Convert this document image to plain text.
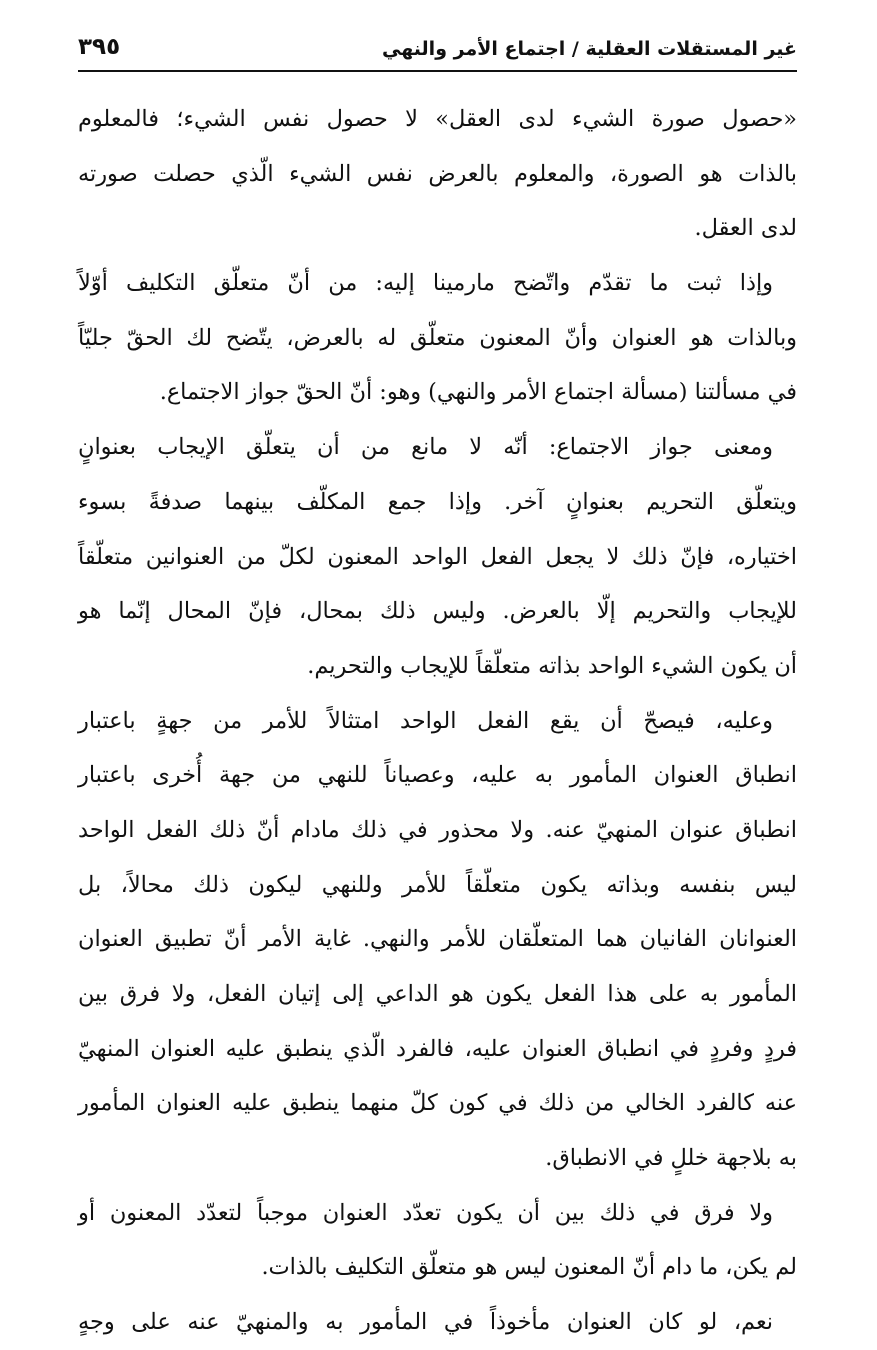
غير المستقلات العقلية / اجتماع الأمر والنهي
٣٩٥
«حصول صورة الشيء لدى العقل» لا حصول نفس الشيء؛ فالمعلوم
بالذات هو الصورة، والمعلوم بالعرض نفس الشيء الّذي حصلت صورته
لدى العقل.
وإذا ثبت ما تقدّم واتّضح مارمينا إليه: من أنّ متعلّق التكليف أوّلاً
وبالذات هو العنوان وأنّ المعنون متعلّق له بالعرض، يتّضح لك الحقّ جليّاً
في مسألتنا (مسألة اجتماع الأمر والنهي) وهو: أنّ الحقّ جواز الاجتماع.
ومعنى جواز الاجتماع: أنّه لا مانع من أن يتعلّق الإيجاب بعنوانٍ
ويتعلّق التحريم بعنوانٍ آخر. وإذا جمع المكلّف بينهما صدفةً بسوء
اختياره، فإنّ ذلك لا يجعل الفعل الواحد المعنون لكلّ من العنوانين متعلّقاً
للإيجاب والتحريم إلّا بالعرض. وليس ذلك بمحال، فإنّ المحال إنّما هو
أن يكون الشيء الواحد بذاته متعلّقاً للإيجاب والتحريم.
وعليه، فيصحّ أن يقع الفعل الواحد امتثالاً للأمر من جهةٍ باعتبار
انطباق العنوان المأمور به عليه، وعصياناً للنهي من جهة أُخرى باعتبار
انطباق عنوان المنهيّ عنه. ولا محذور في ذلك مادام أنّ ذلك الفعل الواحد
ليس بنفسه وبذاته يكون متعلّقاً للأمر وللنهي ليكون ذلك محالاً، بل
العنوانان الفانيان هما المتعلّقان للأمر والنهي. غاية الأمر أنّ تطبيق العنوان
المأمور به على هذا الفعل يكون هو الداعي إلى إتيان الفعل، ولا فرق بين
فردٍ وفردٍ في انطباق العنوان عليه، فالفرد الّذي ينطبق عليه العنوان المنهيّ
عنه كالفرد الخالي من ذلك في كون كلّ منهما ينطبق عليه العنوان المأمور
به بلاجهة خللٍ في الانطباق.
ولا فرق في ذلك بين أن يكون تعدّد العنوان موجباً لتعدّد المعنون أو
لم يكن، ما دام أنّ المعنون ليس هو متعلّق التكليف بالذات.
نعم، لو كان العنوان مأخوذاً في المأمور به والمنهيّ عنه على وجهٍ
